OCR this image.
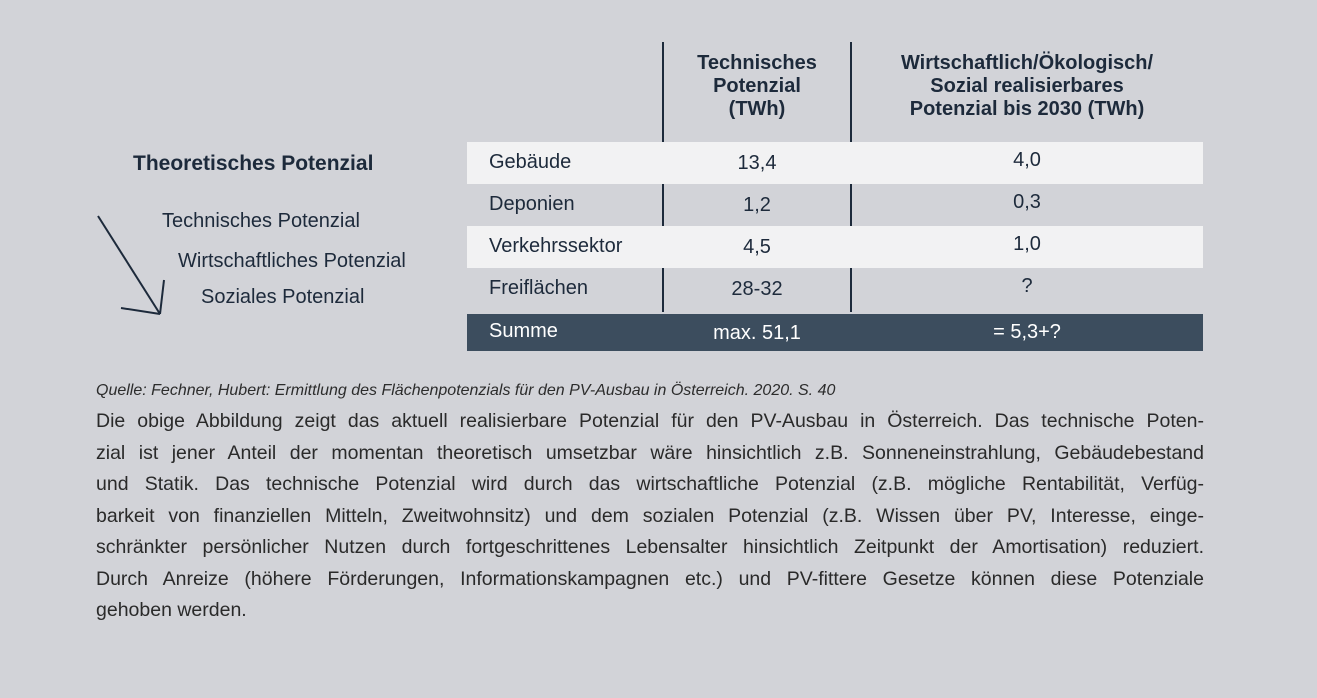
Theoretisches Potenzial
Technisches Potenzial
Wirtschaftliches Potenzial
Soziales Potenzial
Technisches
Potenzial
(TWh)
Wirtschaftlich/Ökologisch/
Sozial realisierbares
Potenzial bis 2030 (TWh)
Gebäude	13,4	4,0
Deponien	1,2	0,3
Verkehrssektor	4,5	1,0
Freiflächen	28-32	?
Summe	max. 51,1	= 5,3+?
Quelle: Fechner, Hubert: Ermittlung des Flächenpotenzials für den PV-Ausbau in Österreich. 2020. S. 40
Die obige Abbildung zeigt das aktuell realisierbare Potenzial für den PV-Ausbau in Österreich. Das technische Poten-
zial ist jener Anteil der momentan theoretisch umsetzbar wäre hinsichtlich z.B. Sonneneinstrahlung, Gebäudebestand
und Statik. Das technische Potenzial wird durch das wirtschaftliche Potenzial (z.B. mögliche Rentabilität, Verfüg-
barkeit von finanziellen Mitteln, Zweitwohnsitz) und dem sozialen Potenzial (z.B. Wissen über PV, Interesse, einge-
schränkter persönlicher Nutzen durch fortgeschrittenes Lebensalter hinsichtlich Zeitpunkt der Amortisation) reduziert.
Durch Anreize (höhere Förderungen, Informationskampagnen etc.) und PV-fittere Gesetze können diese Potenziale
gehoben werden.
